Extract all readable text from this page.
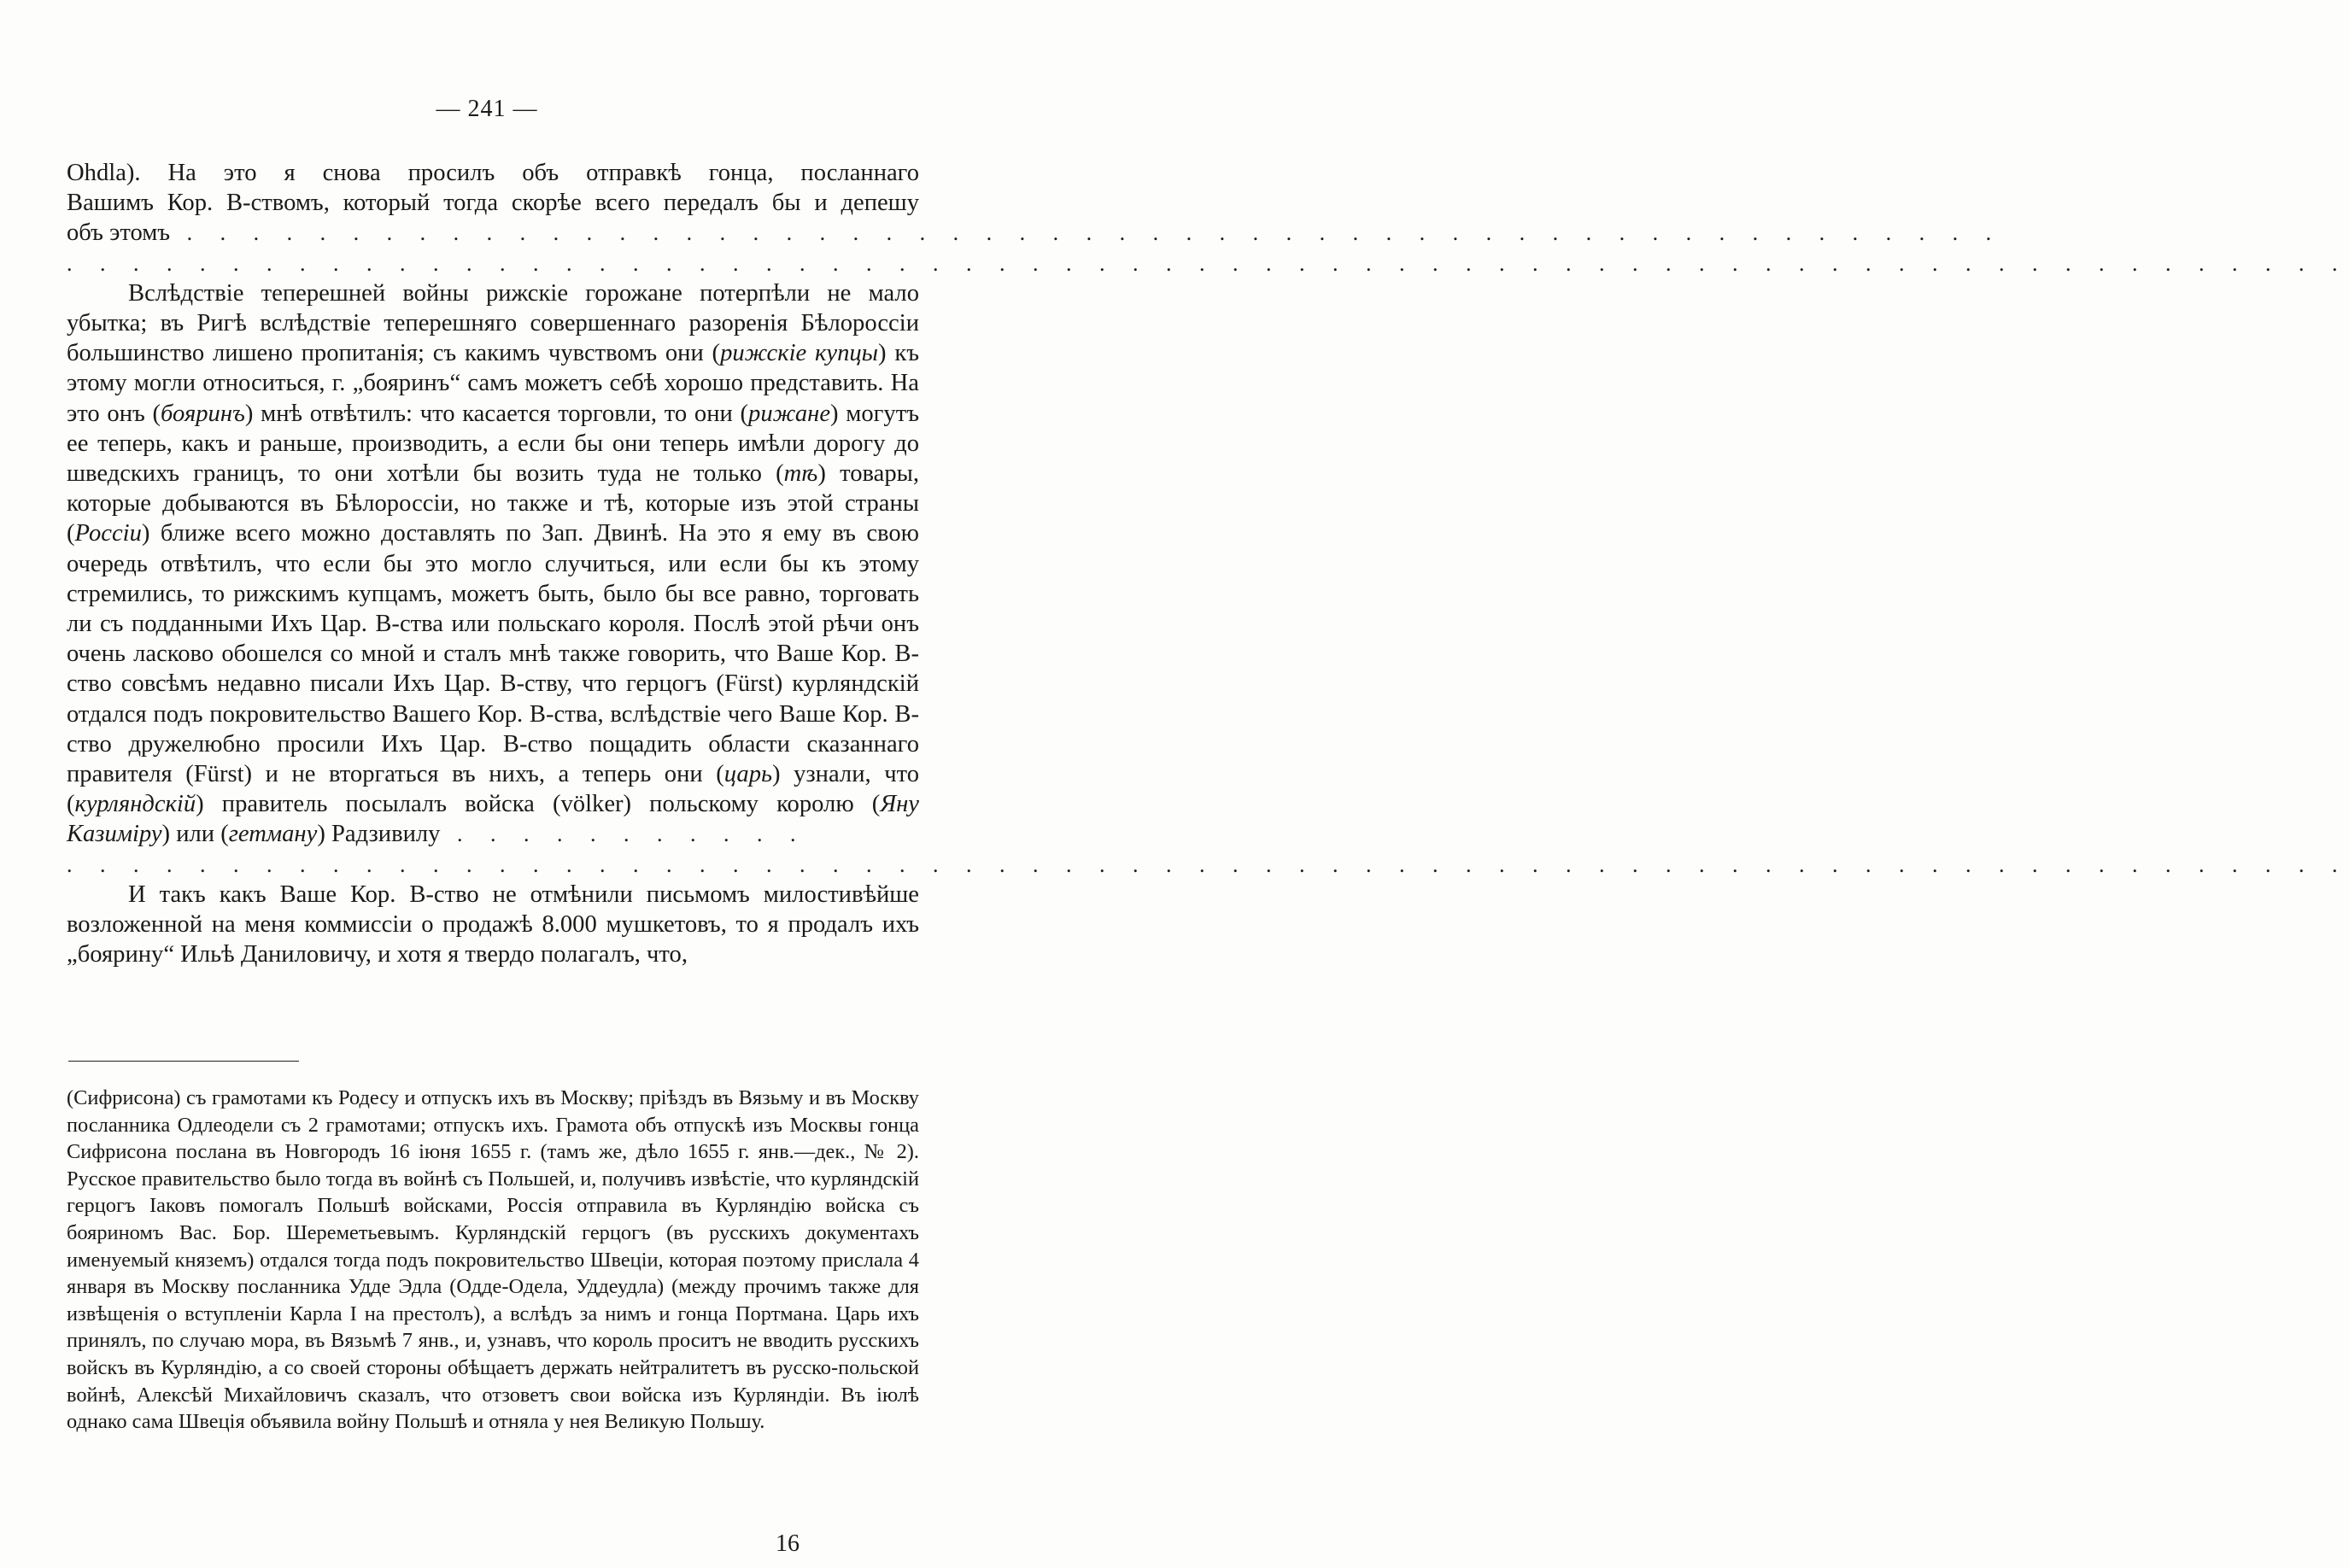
— 241 —

Ohdla). На это я снова просилъ объ отправкѣ гонца, посланнаго
Вашимъ Кор. В-ствомъ, который тогда скорѣе всего передалъ бы и депешу
объ этомъ . . . . . . . . . . . . . . . . . . . . . . . . . . . . . . . . . . . . . . . . . . . . . . . . . . . . . . .

. . . . . . . . . . . . . . . . . . . . . . . . . . . . . . . . . . . . . . . . . . . . . . . . . . . . . . . . . . . . . . . . . . . . .

Вслѣдствіе теперешней войны рижскіе горожане потерпѣли не мало убытка; въ Ригѣ вслѣдствіе теперешняго совершеннаго разоренія Бѣлороссіи большинство лишено пропитанія; съ какимъ чувствомъ они (рижскіе купцы) къ этому могли относиться, г. „бояринъ“ самъ можетъ себѣ хорошо представить. На это онъ (бояринъ) мнѣ отвѣтилъ: что касается торговли, то они (рижане) могутъ ее теперь, какъ и раньше, производить, а если бы они теперь имѣли дорогу до шведскихъ границъ, то они хотѣли бы возить туда не только (тѣ) товары, которые добываются въ Бѣлороссіи, но также и тѣ, которые изъ этой страны (Россіи) ближе всего можно доставлять по Зап. Двинѣ. На это я ему въ свою очередь отвѣтилъ, что если бы это могло случиться, или если бы къ этому стремились, то рижскимъ купцамъ, можетъ быть, было бы все равно, торговать ли съ подданными Ихъ Цар. В-ства или польскаго короля. Послѣ этой рѣчи онъ очень ласково обошелся со мной и сталъ мнѣ также говорить, что Ваше Кор. В-ство совсѣмъ недавно писали Ихъ Цар. В-ству, что герцогъ (Fürst) курляндскій отдался подъ покровительство Вашего Кор. В-ства, вслѣдствіе чего Ваше Кор. В-ство дружелюбно просили Ихъ Цар. В-ство пощадить области сказаннаго правителя (Fürst) и не вторгаться въ нихъ, а теперь они (царь) узнали, что (курляндскій) правитель посылалъ войска (völker) польскому королю (Яну Казиміру) или (гетману) Радзивилу . . . . . . . . . . .

. . . . . . . . . . . . . . . . . . . . . . . . . . . . . . . . . . . . . . . . . . . . . . . . . . . . . . . . . . . . . . . . . . . . .

И такъ какъ Ваше Кор. В-ство не отмѣнили письмомъ милостивѣйше возложенной на меня коммиссіи о продажѣ 8.000 мушкетовъ, то я продалъ ихъ „боярину“ Ильѣ Даниловичу, и хотя я твердо полагалъ, что,

(Сифрисона) съ грамотами къ Родесу и отпускъ ихъ въ Москву; пріѣздъ въ Вязьму и въ Москву посланника Одлеодели съ 2 грамотами; отпускъ ихъ. Грамота объ отпускѣ изъ Москвы гонца Сифрисона послана въ Новгородъ 16 іюня 1655 г. (тамъ же, дѣло 1655 г. янв.—дек., № 2). Русское правительство было тогда въ войнѣ съ Польшей, и, получивъ извѣстіе, что курляндскій герцогъ Іаковъ помогалъ Польшѣ войсками, Россія отправила въ Курляндію войска съ бояриномъ Вас. Бор. Шереметьевымъ. Курляндскій герцогъ (въ русскихъ документахъ именуемый княземъ) отдался тогда подъ покровительство Швеціи, которая поэтому прислала 4 января въ Москву посланника Удде Эдла (Одде-Одела, Уддеудла) (между прочимъ также для извѣщенія о вступленіи Карла I на престолъ), а вслѣдъ за нимъ и гонца Портмана. Царь ихъ принялъ, по случаю мора, въ Вязьмѣ 7 янв., и, узнавъ, что король проситъ не вводить русскихъ войскъ въ Курляндію, а со своей стороны обѣщаетъ держать нейтралитетъ въ русско-польской войнѣ, Алексѣй Михайловичъ сказалъ, что отзоветъ свои войска изъ Курляндіи. Въ іюлѣ однако сама Швеція объявила войну Польшѣ и отняла у нея Великую Польшу.

16
